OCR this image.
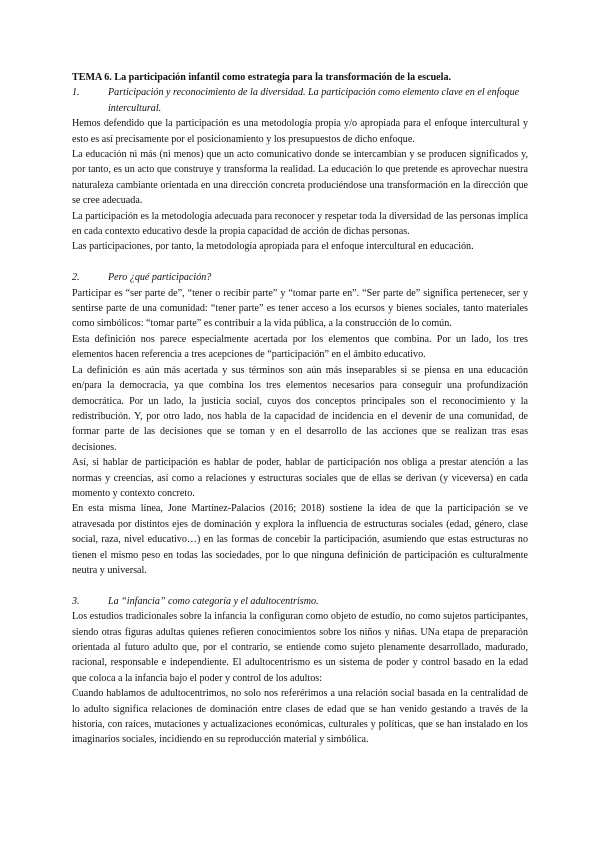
TEMA 6. La participación infantil como estrategia para la transformación de la escuela.

1.	Participación y reconocimiento de la diversidad. La participación como elemento clave en el enfoque intercultural.

Hemos defendido que la participación es una metodología propia y/o apropiada para el enfoque intercultural y esto es así precisamente por el posicionamiento y los presupuestos de dicho enfoque.

La educación ni más (ni menos) que un acto comunicativo donde se intercambian y se producen significados y, por tanto, es un acto que construye y transforma la realidad. La educación lo que pretende es aprovechar nuestra naturaleza cambiante orientada en una dirección concreta produciéndose una transformación en la dirección que se cree adecuada.

La participación es la metodología adecuada para reconocer y respetar toda la diversidad de las personas implica en cada contexto educativo desde la propia capacidad de acción de dichas personas.

Las participaciones, por tanto, la metodología apropiada para el enfoque intercultural en educación.

2.	Pero ¿qué participación?

Participar es “ser parte de”, “tener o recibir parte” y “tomar parte en”. “Ser parte de” significa pertenecer, ser y sentirse parte de una comunidad: “tener parte” es tener acceso a los ecursos y bienes sociales, tanto materiales como simbólicos: “tomar parte” es contribuir a la vida pública, a la construcción de lo común.

Esta definición nos parece especialmente acertada por los elementos que combina. Por un lado, los tres elementos hacen referencia a tres acepciones de “participación” en el ámbito educativo.

La definición es aún más acertada y sus términos son aún más inseparables si se piensa en una educación en/para la democracia, ya que combina los tres elementos necesarios para conseguir una profundización democrática. Por un lado, la justicia social, cuyos dos conceptos principales son el reconocimiento y la redistribución. Y, por otro lado, nos habla de la capacidad de incidencia en el devenir de una comunidad, de formar parte de las decisiones que se toman y en el desarrollo de las acciones que se realizan tras esas decisiones.

Así, si hablar de participación es hablar de poder, hablar de participación nos obliga a prestar atención a las normas y creencias, así como a relaciones y estructuras sociales que de ellas se derivan (y viceversa) en cada momento y contexto concreto.

En esta misma línea, Jone Martínez-Palacios (2016; 2018) sostiene la idea de que la participación se ve atravesada por distintos ejes de dominación y explora la influencia de estructuras sociales (edad, género, clase social, raza, nivel educativo…) en las formas de concebir la participación, asumiendo que estas estructuras no tienen el mismo peso en todas las sociedades, por lo que ninguna definición de participación es culturalmente neutra y universal.

3.	La “infancia” como categoría y el adultocentrismo.

Los estudios tradicionales sobre la infancia la configuran como objeto de estudio, no como sujetos participantes, siendo otras figuras adultas quienes refieren conocimientos sobre los niños y niñas. UNa etapa de preparación orientada al futuro adulto que, por el contrario, se entiende como sujeto plenamente desarrollado, madurado, racional, responsable e independiente. El adultocentrismo es un sistema de poder y control basado en la edad que coloca a la infancia bajo el poder y control de los adultos:

Cuando hablamos de adultocentrimos, no solo nos referérimos a una relación social basada en la centralidad de lo adulto significa relaciones de dominación entre clases de edad que se han venido gestando a través de la historia, con raíces, mutaciones y actualizaciones económicas, culturales y políticas, que se han instalado en los imaginarios sociales, incidiendo en su reproducción material y simbólica.
